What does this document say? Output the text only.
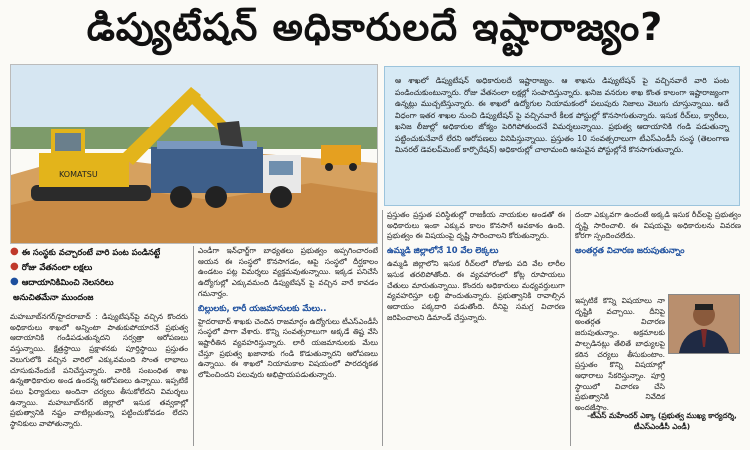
డిప్యుటేషన్ అధికారులదే ఇష్టారాజ్యం?
KOMATSU
ఆ శాఖలో డిప్యుటేషన్ అధికారులదే ఇష్టారాజ్యం. ఆ శాఖను డిప్యుటేషన్ పై వచ్చినవారే వారి పంట పండించుకుంటున్నారు. రోజు వేతనంలా లక్షల్లో సంపాదిస్తున్నారు. ఖనిజ వనరుల శాఖ కొంత కాలంగా ఇష్టారాజ్యంగా ఉన్నట్లు ముచ్చటిస్తున్నారు. ఈ శాఖలో ఉద్యోగుల నియామకంలో పలుపురు నిజాలు వెలుగు చూస్తున్నాయి. అదే విధంగా ఇతర శాఖల నుంచి డిప్యుటేషన్ పై వచ్చినవారే కీలక పోస్టుల్లో కొనసాగుతున్నారు. ఇసుక రీచ్‌లు, క్వారీలు, ఖనిజ లీజుల్లో అధికారుల జోక్యం పెరిగిపోతుందనే విమర్శలున్నాయి. ప్రభుత్వ ఆదాయానికి గండి పడుతున్నా పట్టించుకునేవారే లేరని ఆరోపణలు వినిపిస్తున్నాయి. ప్రస్తుతం 10 సంవత్సరాలుగా టీఎస్ఎండీసీ సంస్థ (తెలంగాణ మినరల్ డెవలప్‌మెంట్ కార్పొరేషన్) అధికారుల్లో చాలామంది అనువైన పోస్టుల్లోనే కొనసాగుతున్నారు.
● ఈ సంస్థకు వచ్చారంటే వారి పంట పండినట్టే
● రోజు వేతనంలా లక్షలు
● ఆదాయానికిమించి నెలసరిలు
అనుచితమేనా ముందంజ

మహబూబ్‌నగర్/హైదరాబాద్ : డిప్యుటేషన్‌పై వచ్చిన కొందరు అధికారులు శాఖలో అన్నింటా పాతుకుపోయారనే ప్రభుత్వ ఆదాయానికి గండిపడుతున్నదని సర్వత్రా ఆరోపణలు వస్తున్నాయి. క్షేత్రస్థాయి ప్రక్షాళనకు పూర్తిస్థాయి ప్రస్తుతం వెలుగులోకి వచ్చిన వారిలో ఎక్కువమంది సొంత లాభాలు చూసుకునేందుకే పనిచేస్తున్నారు. వారికి సంబంధిత శాఖ ఉన్నతాధికారుల అండ ఉందన్న ఆరోపణలు ఉన్నాయి. ఇప్పటికే పలు ఫిర్యాదులు అందినా చర్యలు తీసుకోలేదని విమర్శలు ఉన్నాయి. మహబూబ్‌నగర్ జిల్లాలో ఇసుక తవ్వకాల్లో ప్రభుత్వానికి నష్టం వాటిల్లుతున్నా పట్టించుకోవడం లేదని స్థానికులు వాపోతున్నారు.

ఎండీగా ఇన్‌ఛార్జ్‌గా బాధ్యతలు ప్రభుత్వం అప్పగించారంటే ఆయన ఈ సంస్థలో కొనసాగడం, ఆపై సంస్థలో దీర్ఘకాలం ఉండటం పట్ల విమర్శలు వ్యక్తమవుతున్నాయి. ఇక్కడ పనిచేసే ఉద్యోగుల్లో ఎక్కువమంది డిప్యుటేషన్ పై వచ్చిన వారే కావడం గమనార్హం.

బిల్లులకు, లారీ యజమానులకు మేలు..

హైదరాబాద్ శాఖకు చెందిన రాజమార్గం ఉద్యోగులు టీఎస్ఎండీసీ సంస్థలో పాగా వేశారు. కొన్ని సంవత్సరాలుగా అక్కడే తిష్ట వేసి ఇష్టారీతిన వ్యవహరిస్తున్నారు. లారీ యజమానులకు మేలు చేస్తూ ప్రభుత్వ ఖజానాకు గండి కొడుతున్నారని ఆరోపణలు ఉన్నాయి. ఈ శాఖలో నియామకాల విషయంలో పారదర్శకత లోపించిందని పలువురు అభిప్రాయపడుతున్నారు.

ప్రస్తుతం ప్రస్తుత పరిస్థితుల్లో రాజకీయ నాయకుల అండతో ఈ అధికారులు ఇంకా ఎక్కువ కాలం కొనసాగే అవకాశం ఉంది. ప్రభుత్వం ఈ విషయంపై దృష్టి సారించాలని కోరుతున్నారు.

ఉమ్మడి జిల్లాలోనే 10 వేల లెక్కలు

ఉమ్మడి జిల్లాలోని ఇసుక రీచ్‌లలో రోజుకు పది వేల లారీల ఇసుక తరలిపోతోంది. ఈ వ్యవహారంలో కోట్ల రూపాయలు చేతులు మారుతున్నాయి. కొందరు అధికారులు మధ్యవర్తులుగా వ్యవహరిస్తూ లబ్ధి పొందుతున్నారు. ప్రభుత్వానికి రావాల్సిన ఆదాయం పక్కదారి పడుతోంది. దీనిపై సమగ్ర విచారణ జరిపించాలని డిమాండ్ చేస్తున్నారు.

దందా ఎక్కువగా ఉందంటే అక్కడి ఇసుక రీచ్‌లపై ప్రభుత్వం దృష్టి సారించాలి. ఈ విషయమై అధికారులను వివరణ కోరగా స్పందించలేదు.

అంతర్గత విచారణ జరుపుతున్నాం

ఇప్పటికే కొన్ని విషయాలు నా దృష్టికి వచ్చాయి. దీనిపై అంతర్గత విచారణ జరుపుతున్నాం. అక్రమాలకు పాల్పడినట్లు తేలితే బాధ్యులపై కఠిన చర్యలు తీసుకుంటాం. ప్రస్తుతం కొన్ని విషయాల్లో ఆధారాలు సేకరిస్తున్నాం. పూర్తి స్థాయిలో విచారణ చేసి ప్రభుత్వానికి నివేదిక అందజేస్తాం.

-టీఎస్ మహేందర్ ఎక్కా (ప్రభుత్వ ముఖ్య కార్యదర్శి, టీఎస్ఎండీసీ ఎండీ)
